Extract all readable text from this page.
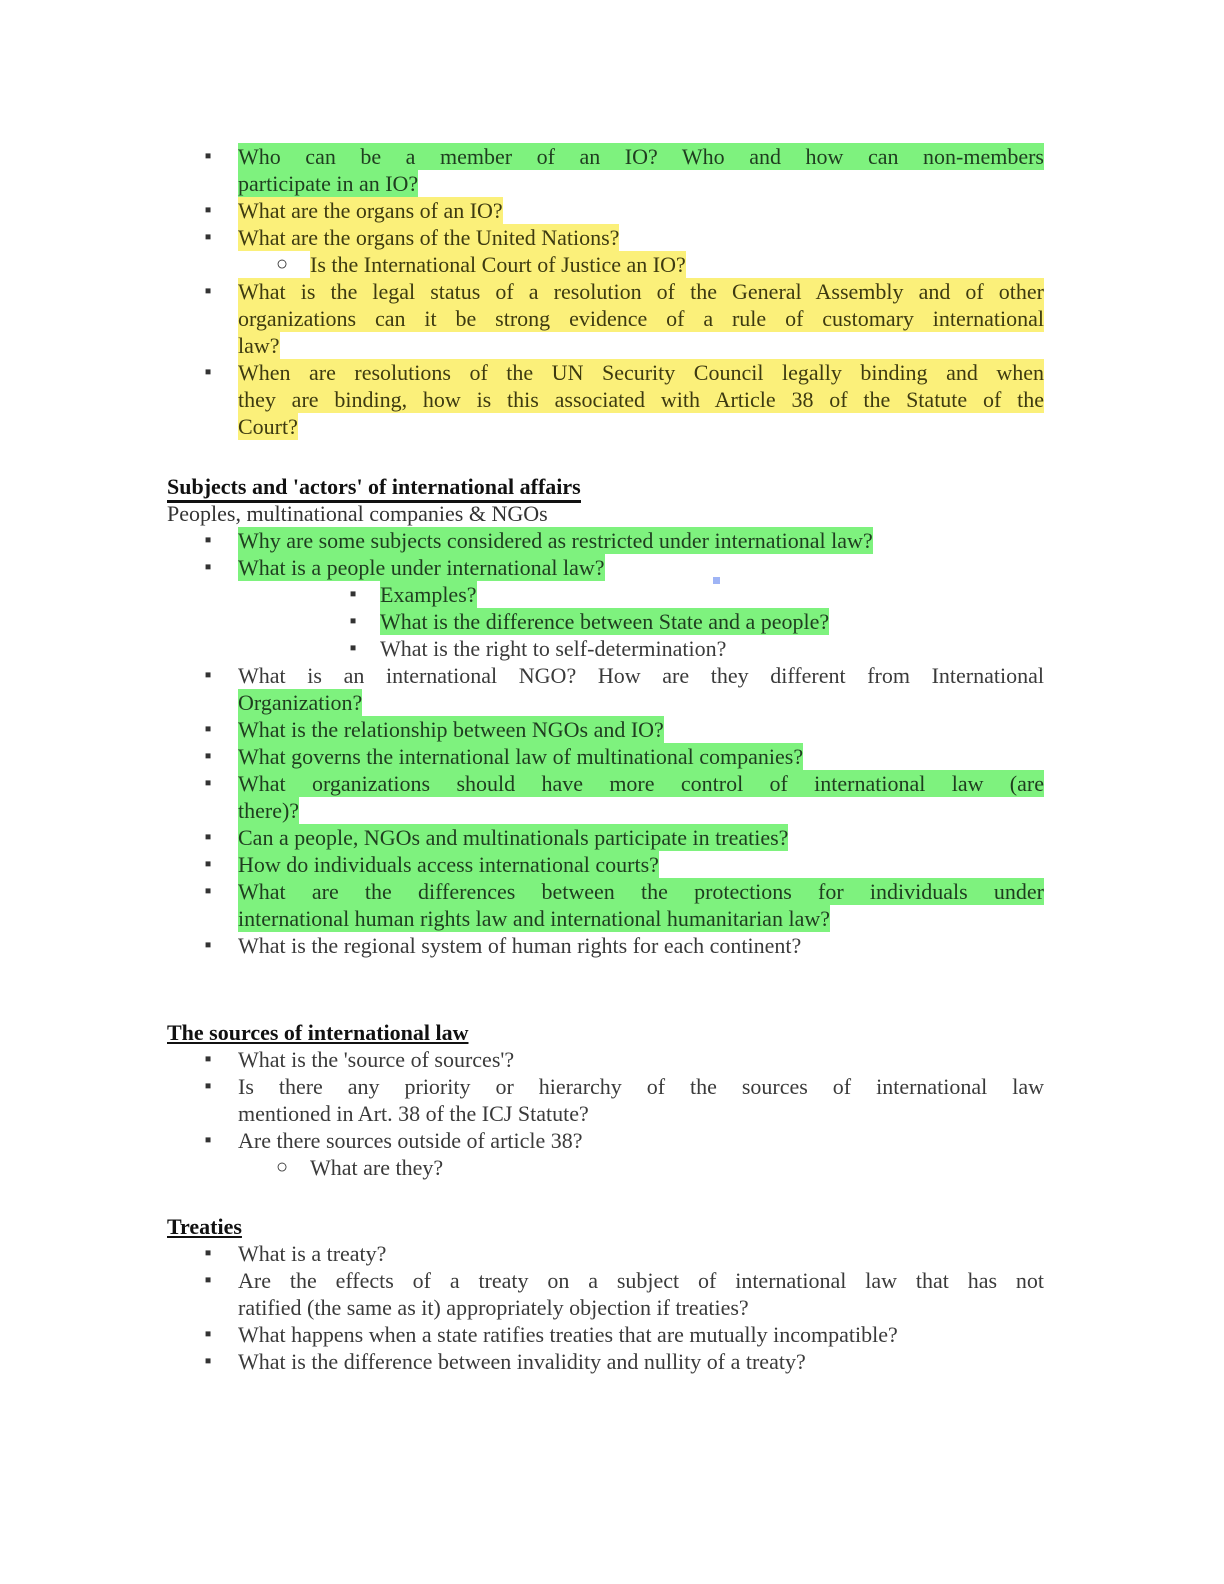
▪ Who can be a member of an IO? Who and how can non-members
participate in an IO?
▪ What are the organs of an IO?
▪ What are the organs of the United Nations?
○ Is the International Court of Justice an IO?
▪ What is the legal status of a resolution of the General Assembly and of other
organizations can it be strong evidence of a rule of customary international
law?
▪ When are resolutions of the UN Security Council legally binding and when
they are binding, how is this associated with Article 38 of the Statute of the
Court?
Subjects and 'actors' of international affairs
Peoples, multinational companies & NGOs
▪ Why are some subjects considered as restricted under international law?
▪ What is a people under international law?
▪ Examples?
▪ What is the difference between State and a people?
▪ What is the right to self-determination?
▪ What is an international NGO? How are they different from International
Organization?
▪ What is the relationship between NGOs and IO?
▪ What governs the international law of multinational companies?
▪ What organizations should have more control of international law (are
there)?
▪ Can a people, NGOs and multinationals participate in treaties?
▪ How do individuals access international courts?
▪ What are the differences between the protections for individuals under
international human rights law and international humanitarian law?
▪ What is the regional system of human rights for each continent?
The sources of international law
▪ What is the 'source of sources'?
▪ Is there any priority or hierarchy of the sources of international law
mentioned in Art. 38 of the ICJ Statute?
▪ Are there sources outside of article 38?
○ What are they?
Treaties
▪ What is a treaty?
▪ Are the effects of a treaty on a subject of international law that has not
ratified (the same as it) appropriately objection if treaties?
▪ What happens when a state ratifies treaties that are mutually incompatible?
▪ What is the difference between invalidity and nullity of a treaty?
